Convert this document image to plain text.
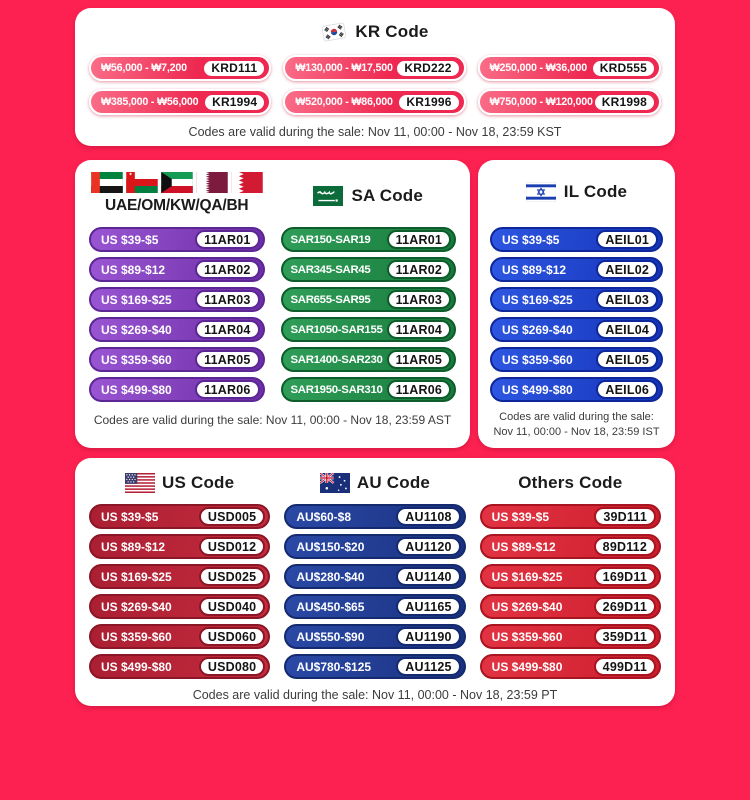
KR Code
₩56,000 - ₩7,200	KRD111	₩130,000 - ₩17,500 KRD222	₩250,000 - ₩36,000	KRD555
₩385,000 - ₩56,000	KR1994	₩520,000 - ₩86,000	KR1996	₩750,000 - ₩120,000 KR1998
Codes are valid during the sale: Nov 11, 00:00 - Nov 18, 23:59 KST
UAE/OM/KW/QA/BH
US $39-$5	11AR01
US $89-$12	11AR02
US $169-$25	11AR03
US $269-$40	11AR04
US $359-$60	11AR05
US $499-$80	11AR06
SA Code
SAR150-SAR19	11AR01
SAR345-SAR45	11AR02
SAR655-SAR95	11AR03
SAR1050-SAR155	11AR04
SAR1400-SAR230	11AR05
SAR1950-SAR310	11AR06
Codes are valid during the sale: Nov 11, 00:00 - Nov 18, 23:59 AST
IL Code
US $39-$5	AEIL01
US $89-$12	AEIL02
US $169-$25	AEIL03
US $269-$40	AEIL04
US $359-$60	AEIL05
US $499-$80	AEIL06
Codes are valid during the sale:
Nov 11, 00:00 - Nov 18, 23:59 IST
US Code
US $39-$5	USD005
US $89-$12	USD012
US $169-$25	USD025
US $269-$40	USD040
US $359-$60	USD060
US $499-$80	USD080
AU Code
AU$60-$8	AU1108
AU$150-$20	AU1120
AU$280-$40	AU1140
AU$450-$65	AU1165
AU$550-$90	AU1190
AU$780-$125	AU1125
Others Code
US $39-$5	39D111
US $89-$12	89D112
US $169-$25	169D11
US $269-$40	269D11
US $359-$60	359D11
US $499-$80	499D11
Codes are valid during the sale: Nov 11, 00:00 - Nov 18, 23:59 PT
